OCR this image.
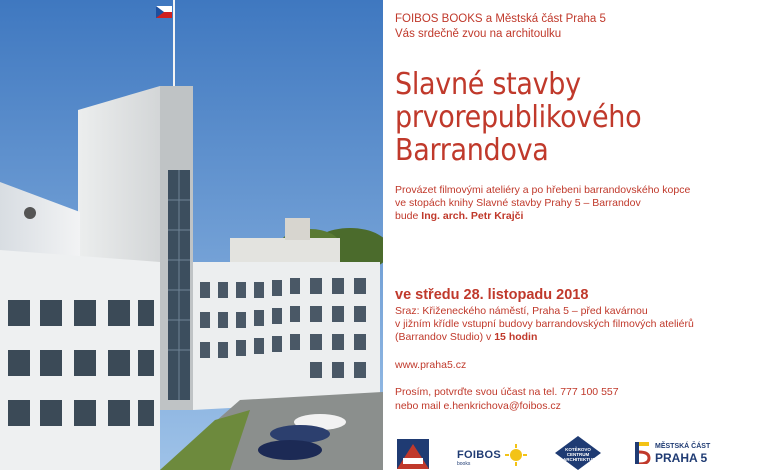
FOIBOS BOOKS a Městská část Praha 5
Vás srdečně zvou na architoulku
Slavné stavby
prvorepublikového
Barrandova
Provázet filmovými ateliéry a po hřebeni barrandovského kopce
ve stopách knihy Slavné stavby Prahy 5 – Barrandov
bude Ing. arch. Petr Krajči
ve středu 28. listopadu 2018
Sraz: Křiženeckého náměstí, Praha 5 – před kavárnou
v jižním křídle vstupní budovy barrandovských filmových ateliérů
(Barrandov Studio) v 15 hodin
www.praha5.cz
Prosím, potvrďte svou účast na tel. 777 100 557
nebo mail e.henkrichova@foibos.cz
FOIBOS
books
KOTĚROVO CENTRUM ARCHITEKTURY
MĚSTSKÁ ČÁST
PRAHA 5
